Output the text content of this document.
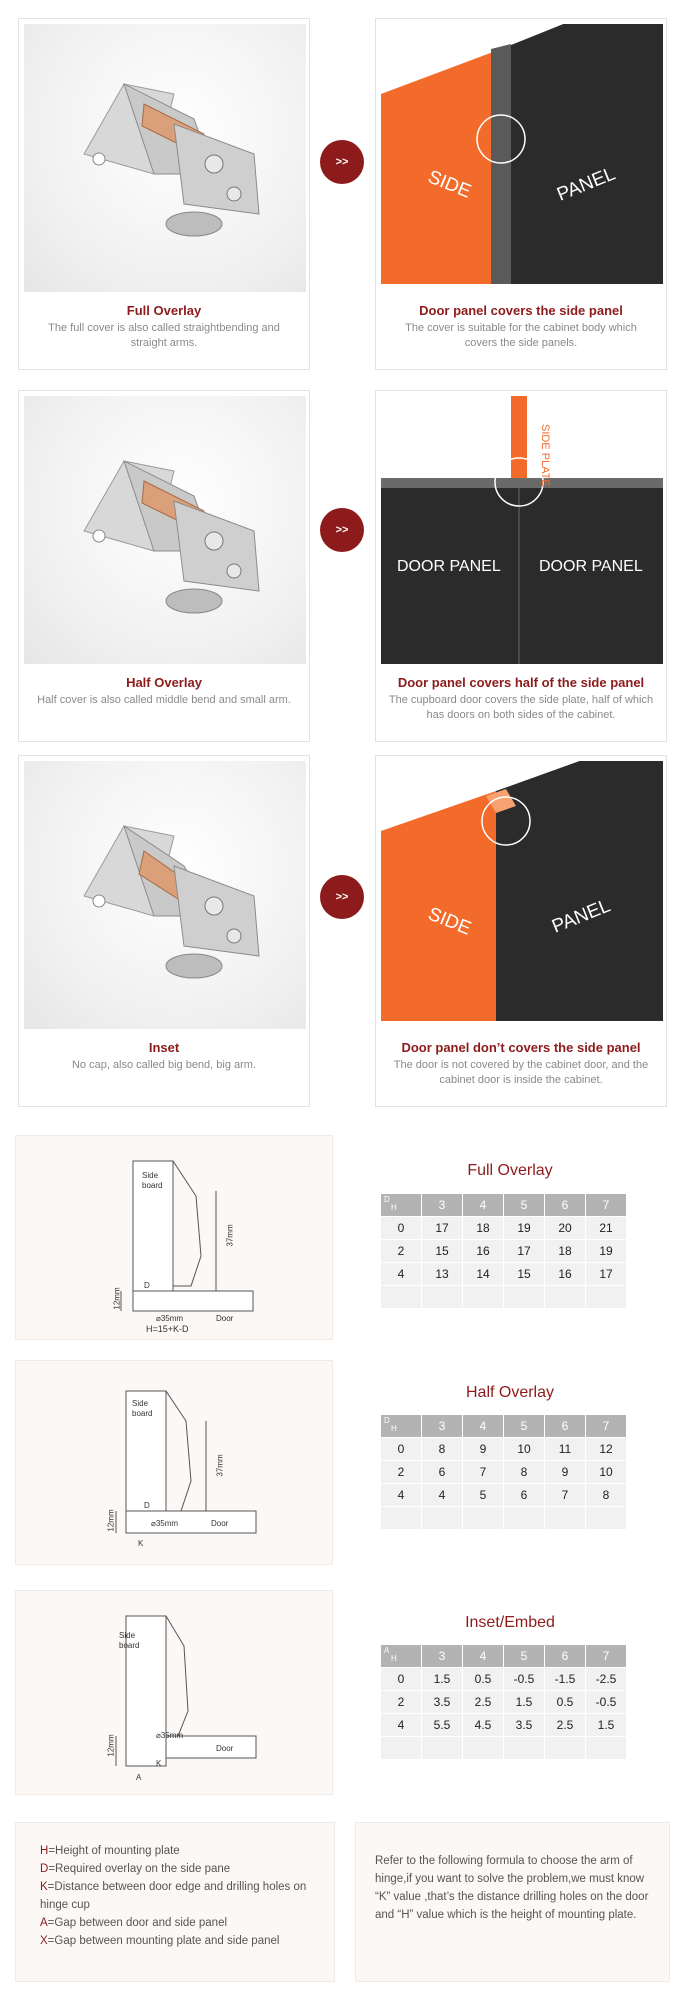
Full Overlay
The full cover is also called straightbending and straight arms.
>>
SIDE	PANEL
Door panel covers the side panel
The cover is suitable for the cabinet body which covers the side panels.
Half Overlay
Half cover is also called middle bend and small arm.
>>
SIDE PLATE
DOOR PANEL DOOR PANEL
Door panel covers half of the side panel
The cupboard door covers the side plate, half of which has doors on both sides of the cabinet.
Inset
No cap, also called big bend, big arm.
>>
SIDE	PANEL
Door panel don’t covers the side panel
The door is not covered by the cabinet door, and the cabinet door is inside the cabinet.
Side board
Door
⌀35mm
37mm
12mm
D
H=15+K-D
Full Overlay
D
H K	3	4	5	6	7
0	17	18	19	20	21
2	15	16	17	18	19
4	13	14	15	16	17

Side board
Door
⌀35mm
37mm
12mm
D
K
Half Overlay
D
H K	3	4	5	6	7
0	8	9	10	11	12
2	6	7	8	9	10
4	4	5	6	7	8

Side board
Door
⌀35mm
12mm
K
A
Inset/Embed
A
H K	3	4	5	6	7
0	1.5	0.5	-0.5	-1.5	-2.5
2	3.5	2.5	1.5	0.5	-0.5
4	5.5	4.5	3.5	2.5	1.5

H=Height of mounting plate
D=Required overlay on the side pane
K=Distance between door edge and drilling holes on hinge cup
A=Gap between door and side panel
X=Gap between mounting plate and side panel
Refer to the following formula to choose the arm of hinge,if you want to solve the problem,we must know “K” value ,that’s the distance drilling holes on the door and “H” value which is the height of mounting plate.
